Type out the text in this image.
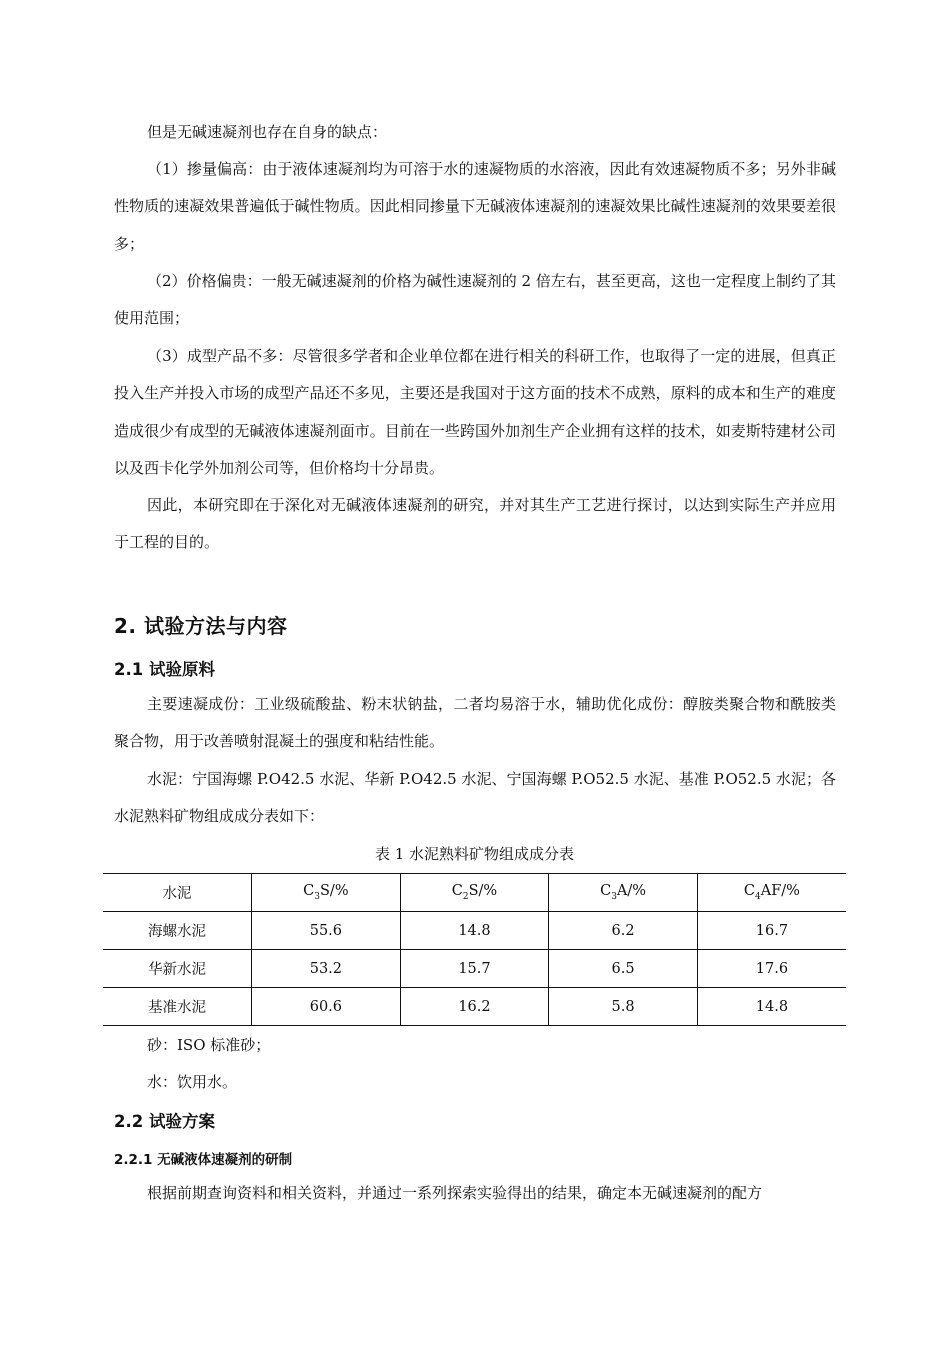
但是无碱速凝剂也存在自身的缺点：

（1）掺量偏高：由于液体速凝剂均为可溶于水的速凝物质的水溶液，因此有效速凝物质不多；另外非碱性物质的速凝效果普遍低于碱性物质。因此相同掺量下无碱液体速凝剂的速凝效果比碱性速凝剂的效果要差很多；

（2）价格偏贵：一般无碱速凝剂的价格为碱性速凝剂的 2 倍左右，甚至更高，这也一定程度上制约了其使用范围；

（3）成型产品不多：尽管很多学者和企业单位都在进行相关的科研工作，也取得了一定的进展，但真正投入生产并投入市场的成型产品还不多见，主要还是我国对于这方面的技术不成熟，原料的成本和生产的难度造成很少有成型的无碱液体速凝剂面市。目前在一些跨国外加剂生产企业拥有这样的技术，如麦斯特建材公司以及西卡化学外加剂公司等，但价格均十分昂贵。

因此，本研究即在于深化对无碱液体速凝剂的研究，并对其生产工艺进行探讨，以达到实际生产并应用于工程的目的。

2. 试验方法与内容
2.1 试验原料

主要速凝成份：工业级硫酸盐、粉末状钠盐，二者均易溶于水，辅助优化成份：醇胺类聚合物和酰胺类聚合物，用于改善喷射混凝土的强度和粘结性能。

水泥：宁国海螺 P.O42.5 水泥、华新 P.O42.5 水泥、宁国海螺 P.O52.5 水泥、基准 P.O52.5 水泥；各水泥熟料矿物组成成分表如下：

表 1 水泥熟料矿物组成成分表

水泥	$C_3S/\%$	$C_2S/\%$	$C_3A/\%$	$C_4AF/\%$
海螺水泥	55.6	14.8	6.2	16.7
华新水泥	53.2	15.7	6.5	17.6
基准水泥	60.6	16.2	5.8	14.8

砂：ISO 标准砂；

水：饮用水。

2.2 试验方案
2.2.1 无碱液体速凝剂的研制

根据前期查询资料和相关资料，并通过一系列探索实验得出的结果，确定本无碱速凝剂的配方
